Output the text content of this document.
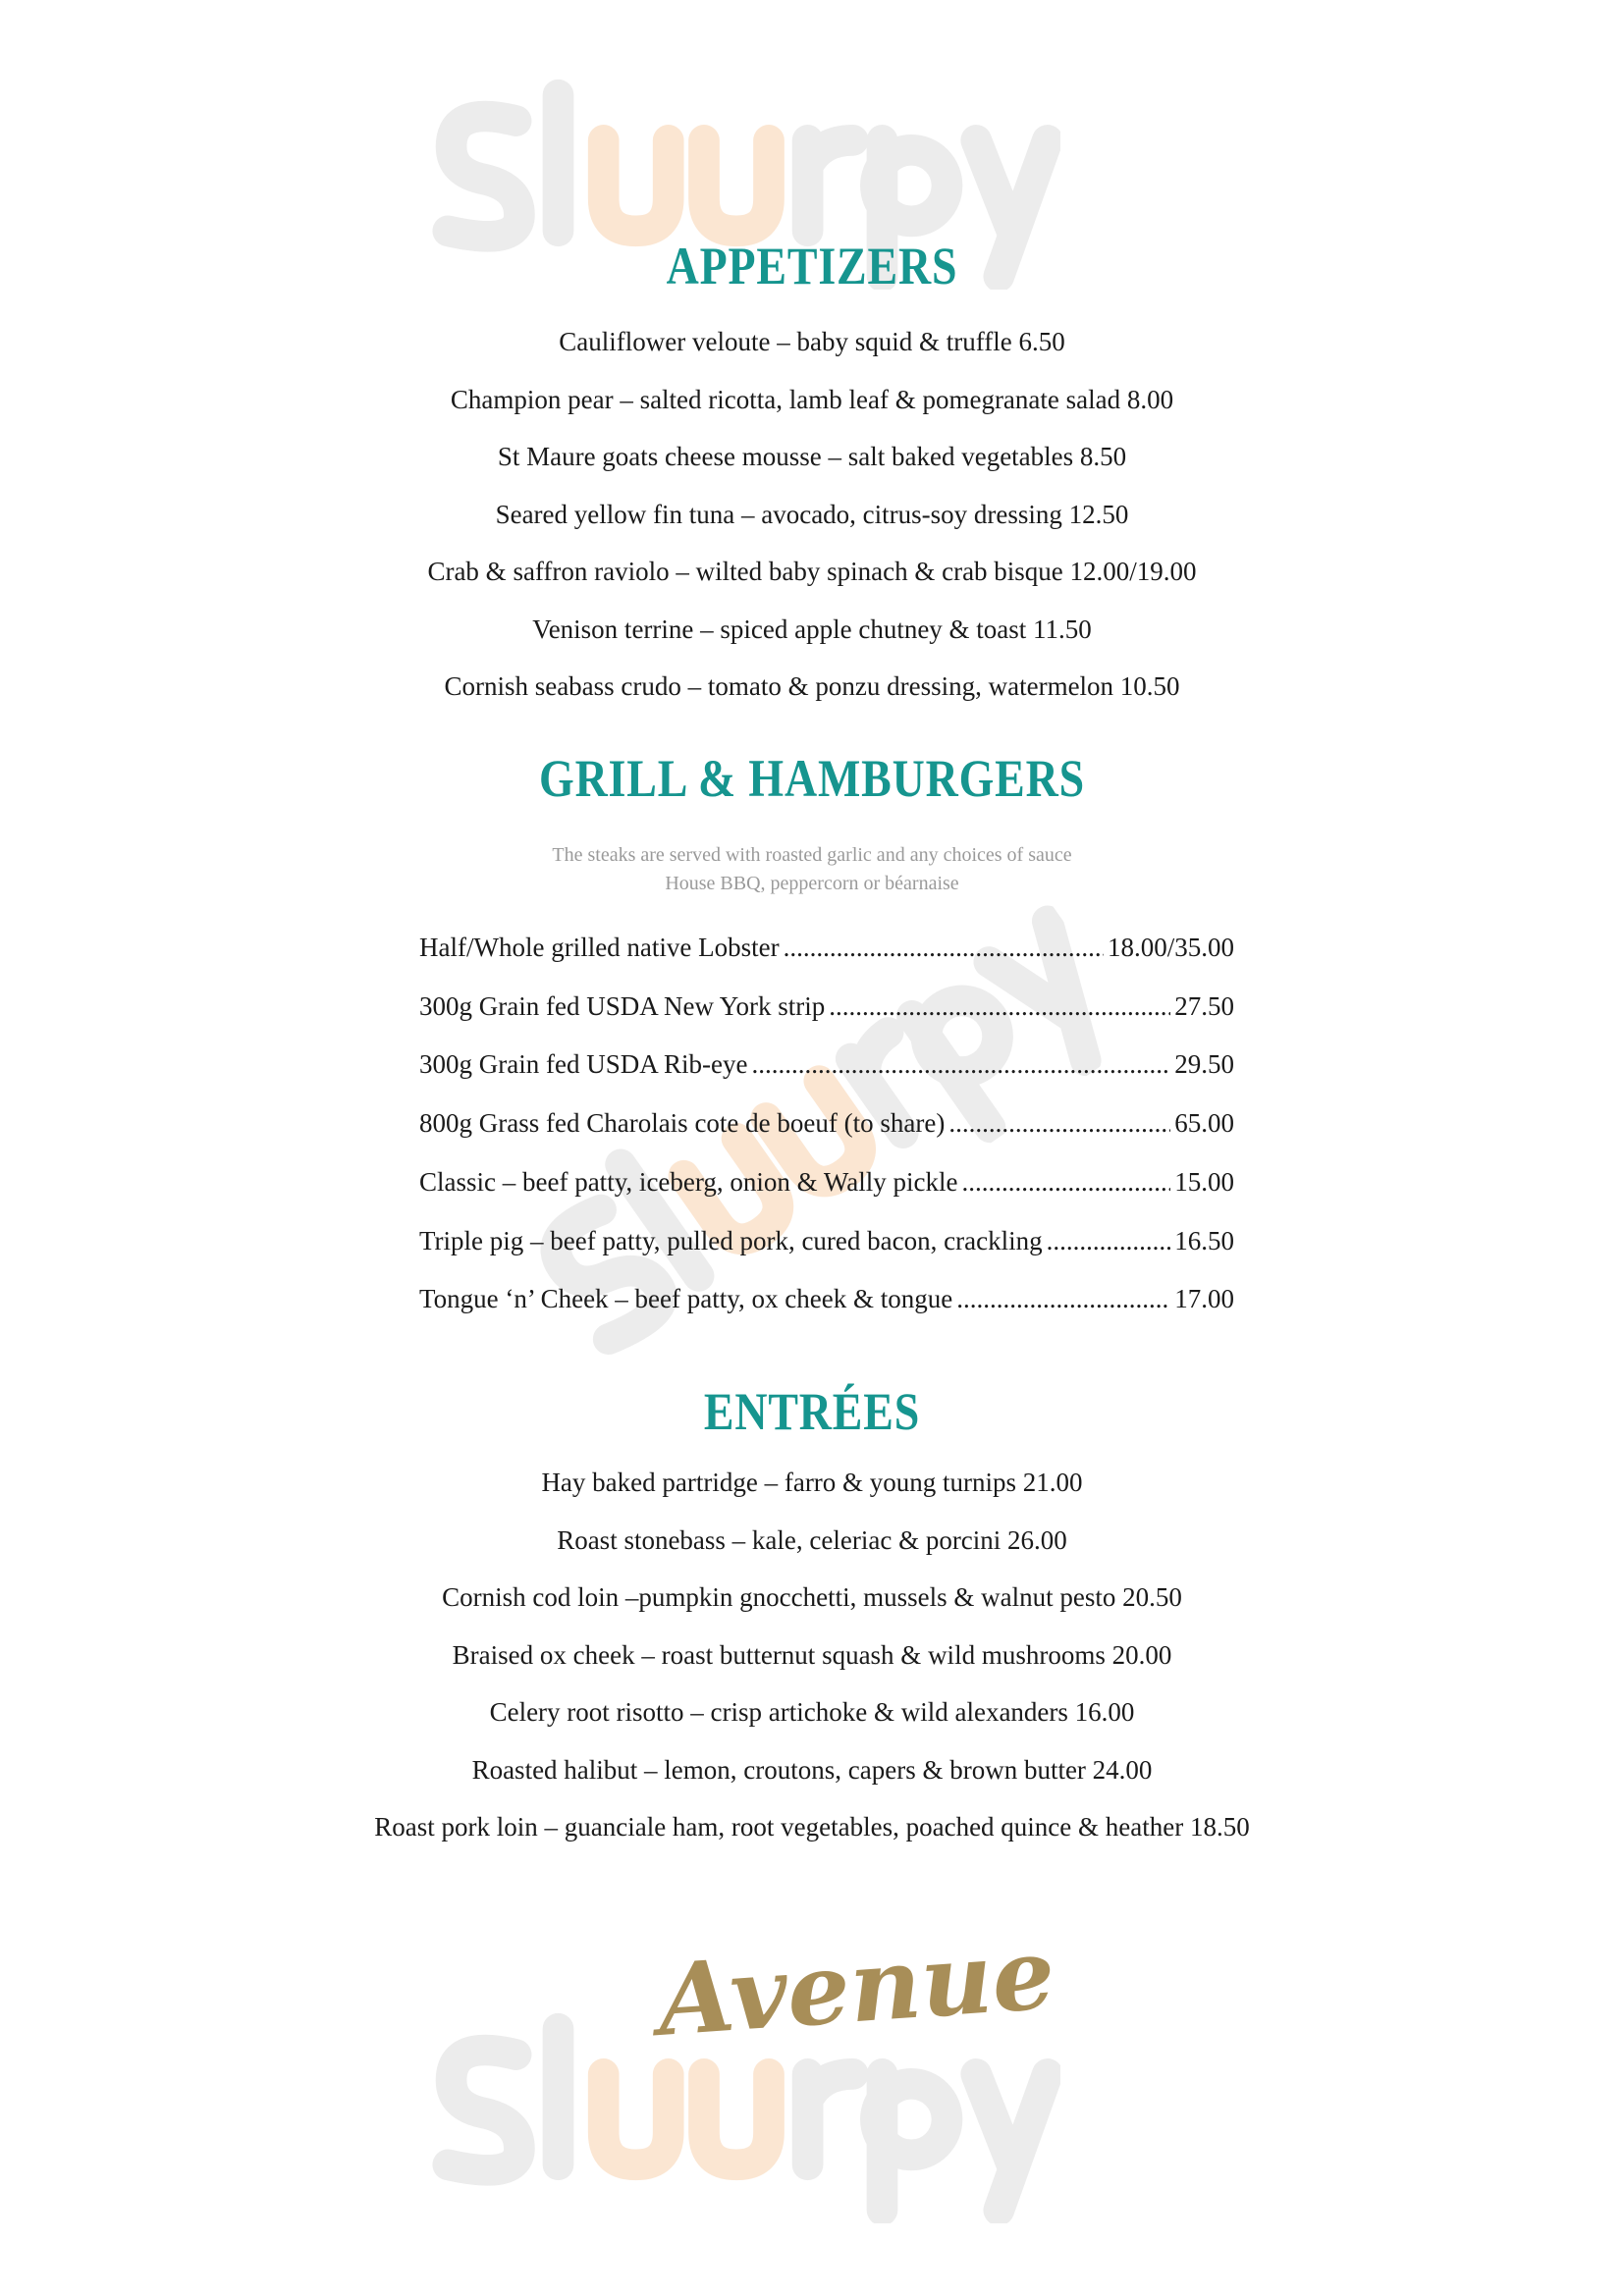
APPETIZERS
Cauliflower veloute – baby squid & truffle 6.50
Champion pear – salted ricotta, lamb leaf & pomegranate salad 8.00
St Maure goats cheese mousse – salt baked vegetables 8.50
Seared yellow fin tuna – avocado, citrus-soy dressing 12.50
Crab & saffron raviolo – wilted baby spinach & crab bisque 12.00/19.00
Venison terrine – spiced apple chutney & toast 11.50
Cornish seabass crudo – tomato & ponzu dressing, watermelon 10.50
GRILL & HAMBURGERS
The steaks are served with roasted garlic and any choices of sauce
House BBQ, peppercorn or béarnaise
Half/Whole grilled native Lobster .....	18.00/35.00
300g Grain fed USDA New York strip .....	27.50
300g Grain fed USDA Rib-eye .....	29.50
800g Grass fed Charolais cote de boeuf (to share) .....	65.00
Classic – beef patty, iceberg, onion & Wally pickle .....	15.00
Triple pig – beef patty, pulled pork, cured bacon, crackling .....	16.50
Tongue ‘n’ Cheek – beef patty, ox cheek & tongue .....	17.00
ENTRÉES
Hay baked partridge – farro & young turnips 21.00
Roast stonebass – kale, celeriac & porcini 26.00
Cornish cod loin –pumpkin gnocchetti, mussels & walnut pesto 20.50
Braised ox cheek – roast butternut squash & wild mushrooms 20.00
Celery root risotto – crisp artichoke & wild alexanders 16.00
Roasted halibut – lemon, croutons, capers & brown butter 24.00
Roast pork loin – guanciale ham, root vegetables, poached quince & heather 18.50
Avenue
